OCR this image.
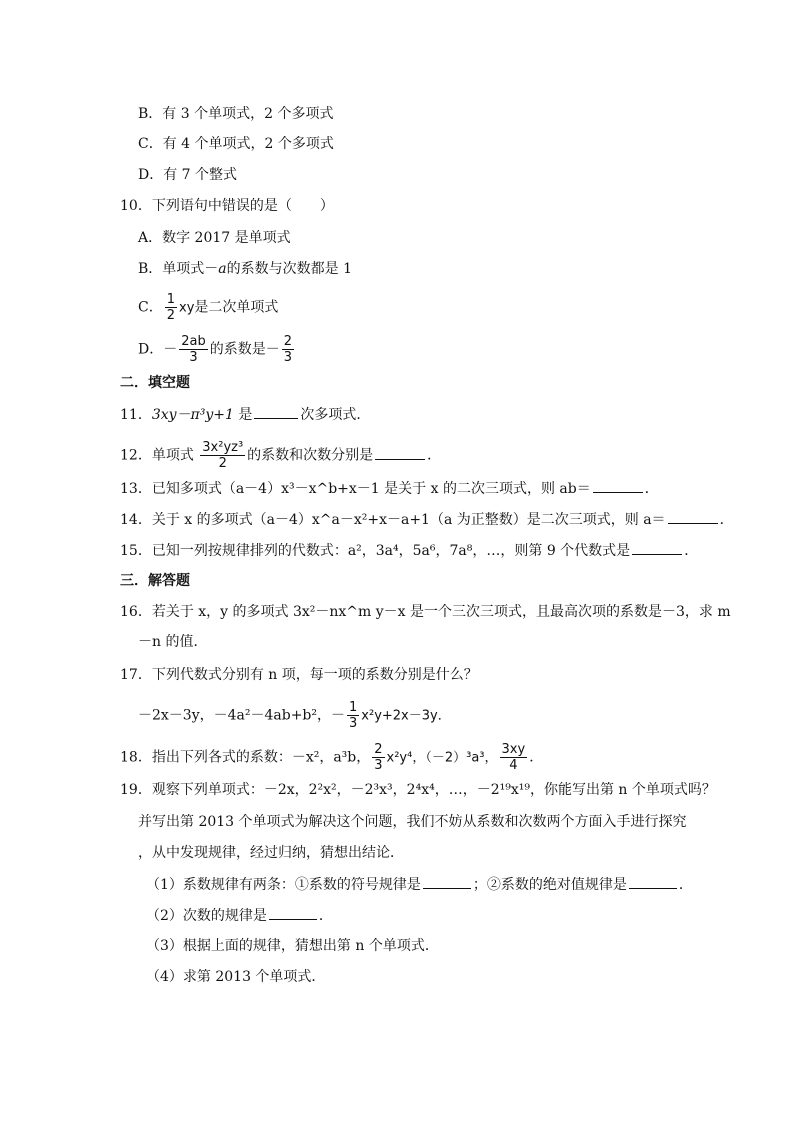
B．有 3 个单项式，2 个多项式
C．有 4 个单项式，2 个多项式
D．有 7 个整式
10．下列语句中错误的是（　　）
A．数字 2017 是单项式
B．单项式－a的系数与次数都是 1
C． $\frac{1}{2}$ xy是二次单项式
D．－ $\frac{2ab}{3}$ 的系数是－ $\frac{2}{3}$
二．填空题
11．3xy－π³y+1 是	次多项式．
12．单项式 $\frac{\text{3x²yz³}}{2}$ 的系数和次数分别是	．
13．已知多项式（a－4）x³－x^b+x－1 是关于 x 的二次三项式，则 ab＝	．
14．关于 x 的多项式（a－4）x^a－x²+x－a+1（a 为正整数）是二次三项式，则 a＝	．
15．已知一列按规律排列的代数式：a²，3a⁴，5a⁶，7a⁸，…，则第 9 个代数式是	．
三．解答题
16．若关于 x，y 的多项式 3x²－nx^m y－x 是一个三次三项式，且最高次项的系数是－3，求 m
－n 的值．
17．下列代数式分别有 n 项，每一项的系数分别是什么？
－2x－3y，－4a²－4ab+b²，－ $\frac{1}{3} x^2y+2x-3y$．
18．指出下列各式的系数：－x²，a³b， $\frac{2}{3} x^2y^4$，（－2）³a³， $\frac{3xy}{4}$ ．
19．观察下列单项式：－2x，2²x²，－2³x³，2⁴x⁴，…，－2¹⁹x¹⁹，你能写出第 n 个单项式吗？
并写出第 2013 个单项式为解决这个问题，我们不妨从系数和次数两个方面入手进行探究
，从中发现规律，经过归纳，猜想出结论．
（1）系数规律有两条：①系数的符号规律是	；②系数的绝对值规律是	．
（2）次数的规律是	．
（3）根据上面的规律，猜想出第 n 个单项式．
（4）求第 2013 个单项式．
